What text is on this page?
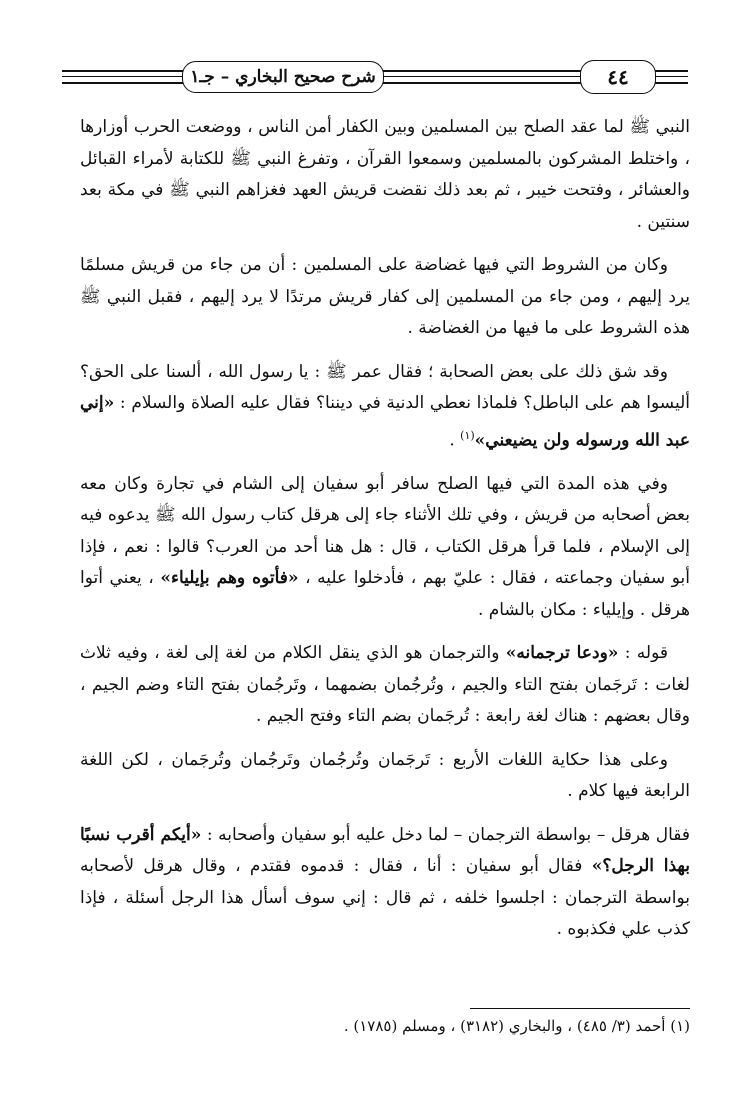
شرح صحيح البخاري – جـ١	٤٤

النبي ﷺ لما عقد الصلح بين المسلمين وبين الكفار أمن الناس ، ووضعت الحرب أوزارها ، واختلط المشركون بالمسلمين وسمعوا القرآن ، وتفرغ النبي ﷺ للكتابة لأمراء القبائل والعشائر ، وفتحت خيبر ، ثم بعد ذلك نقضت قريش العهد فغزاهم النبي ﷺ في مكة بعد سنتين .

وكان من الشروط التي فيها غضاضة على المسلمين : أن من جاء من قريش مسلمًا يرد إليهم ، ومن جاء من المسلمين إلى كفار قريش مرتدًا لا يرد إليهم ، فقبل النبي ﷺ هذه الشروط على ما فيها من الغضاضة .

وقد شق ذلك على بعض الصحابة ؛ فقال عمر ﷺ : يا رسول الله ، ألسنا على الحق؟ أليسوا هم على الباطل؟ فلماذا نعطي الدنية في ديننا؟ فقال عليه الصلاة والسلام : «إني عبد الله ورسوله ولن يضيعني»$^{(١)}$ .

وفي هذه المدة التي فيها الصلح سافر أبو سفيان إلى الشام في تجارة وكان معه بعض أصحابه من قريش ، وفي تلك الأثناء جاء إلى هرقل كتاب رسول الله ﷺ يدعوه فيه إلى الإسلام ، فلما قرأ هرقل الكتاب ، قال : هل هنا أحد من العرب؟ قالوا : نعم ، فإذا أبو سفيان وجماعته ، فقال : عليّ بهم ، فأدخلوا عليه ، «فأتوه وهم بإيلياء» ، يعني أتوا هرقل . وإيلياء : مكان بالشام .

قوله : «ودعا ترجمانه» والترجمان هو الذي ينقل الكلام من لغة إلى لغة ، وفيه ثلاث لغات : تَرجَمان بفتح التاء والجيم ، وتُرجُمان بضمهما ، وتَرجُمان بفتح التاء وضم الجيم ، وقال بعضهم : هناك لغة رابعة : تُرجَمان بضم التاء وفتح الجيم .

وعلى هذا حكاية اللغات الأربع : تَرجَمان وتُرجُمان وتَرجُمان وتُرجَمان ، لكن اللغة الرابعة فيها كلام .

فقال هرقل – بواسطة الترجمان – لما دخل عليه أبو سفيان وأصحابه : «أيكم أقرب نسبًا بهذا الرجل؟» فقال أبو سفيان : أنا ، فقال : قدموه فقتدم ، وقال هرقل لأصحابه بواسطة الترجمان : اجلسوا خلفه ، ثم قال : إني سوف أسأل هذا الرجل أسئلة ، فإذا كذب علي فكذبوه .

(١) أحمد (٣/ ٤٨٥) ، والبخاري (٣١٨٢) ، ومسلم (١٧٨٥) .
